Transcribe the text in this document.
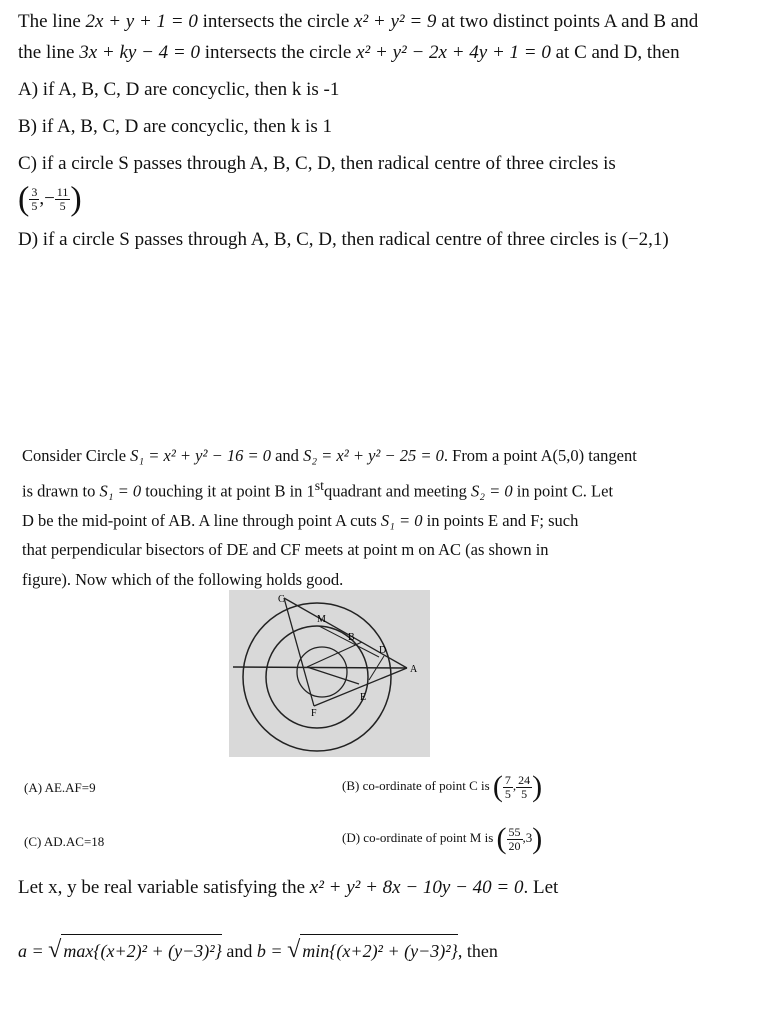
The line 2x + y + 1 = 0 intersects the circle x² + y² = 9 at two distinct points A and B and
the line 3x + ky − 4 = 0 intersects the circle x² + y² − 2x + 4y + 1 = 0 at C and D, then
A) if A, B, C, D are concyclic, then k is -1
B) if A, B, C, D are concyclic, then k is 1
C) if a circle S passes through A, B, C, D, then radical centre of three circles is
( $\frac{3}{5}$ ,− $\frac{11}{5}$ )
D) if a circle S passes through A, B, C, D, then radical centre of three circles is (−2,1)
Consider Circle S₁ = x² + y² − 16 = 0 and S₂ = x² + y² − 25 = 0. From a point A(5,0) tangent
is drawn to S₁ = 0 touching it at point B in 1stquadrant and meeting S₂ = 0 in point C. Let
D be the mid-point of AB. A line through point A cuts S₁ = 0 in points E and F; such
that perpendicular bisectors of DE and CF meets at point m on AC (as shown in
figure). Now which of the following holds good.
C
M
B
D
A
E
F
(A) AE.AF=9	(B) co-ordinate of point C is ( $\frac{7}{5}$ , $\frac{24}{5}$ )
(C) AD.AC=18	(D) co-ordinate of point M is ( $\frac{55}{20} ,3$)
Let x, y be real variable satisfying the x² + y² + 8x − 10y − 40 = 0. Let
a = √ max{(x+2)² + (y−3)²} and b = √ min{(x+2)² + (y−3)²}, then
